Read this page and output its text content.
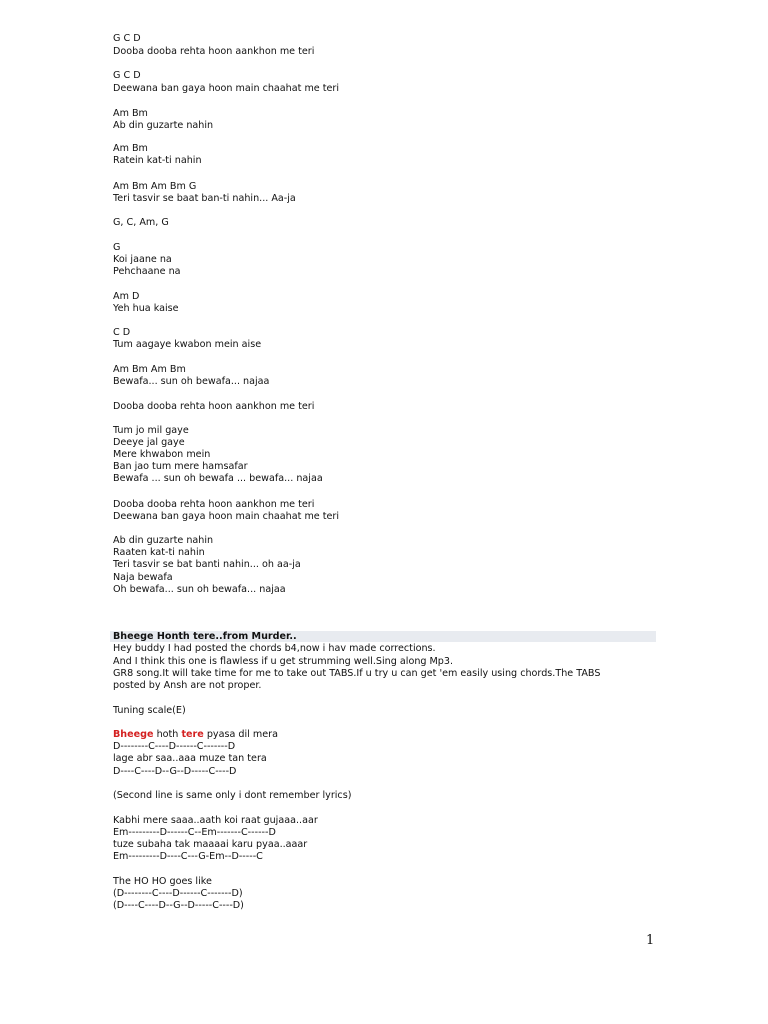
G C D
Dooba dooba rehta hoon aankhon me teri
G C D
Deewana ban gaya hoon main chaahat me teri
Am Bm
Ab din guzarte nahin
Am Bm
Ratein kat-ti nahin
Am Bm Am Bm G
Teri tasvir se baat ban-ti nahin... Aa-ja
G, C, Am, G
G
Koi jaane na
Pehchaane na
Am D
Yeh hua kaise
C D
Tum aagaye kwabon mein aise
Am Bm Am Bm
Bewafa... sun oh bewafa... najaa
Dooba dooba rehta hoon aankhon me teri
Tum jo mil gaye
Deeye jal gaye
Mere khwabon mein
Ban jao tum mere hamsafar
Bewafa ... sun oh bewafa ... bewafa... najaa
Dooba dooba rehta hoon aankhon me teri
Deewana ban gaya hoon main chaahat me teri
Ab din guzarte nahin
Raaten kat-ti nahin
Teri tasvir se bat banti nahin... oh aa-ja
Naja bewafa
Oh bewafa... sun oh bewafa... najaa
Bheege Honth tere..from Murder..
Hey buddy I had posted the chords b4,now i hav made corrections.
And I think this one is flawless if u get strumming well.Sing along Mp3.
GR8 song.It will take time for me to take out TABS.If u try u can get 'em easily using chords.The TABS
posted by Ansh are not proper.
Tuning scale(E)
Bheege hoth tere pyasa dil mera
D--------C----D------C-------D
lage abr saa..aaa muze tan tera
D----C----D--G--D-----C----D
(Second line is same only i dont remember lyrics)
Kabhi mere saaa..aath koi raat gujaaa..aar
Em---------D------C--Em-------C------D
tuze subaha tak maaaai karu pyaa..aaar
Em---------D----C---G-Em--D-----C
The HO HO goes like
(D--------C----D------C-------D)
(D----C----D--G--D-----C----D)
1
